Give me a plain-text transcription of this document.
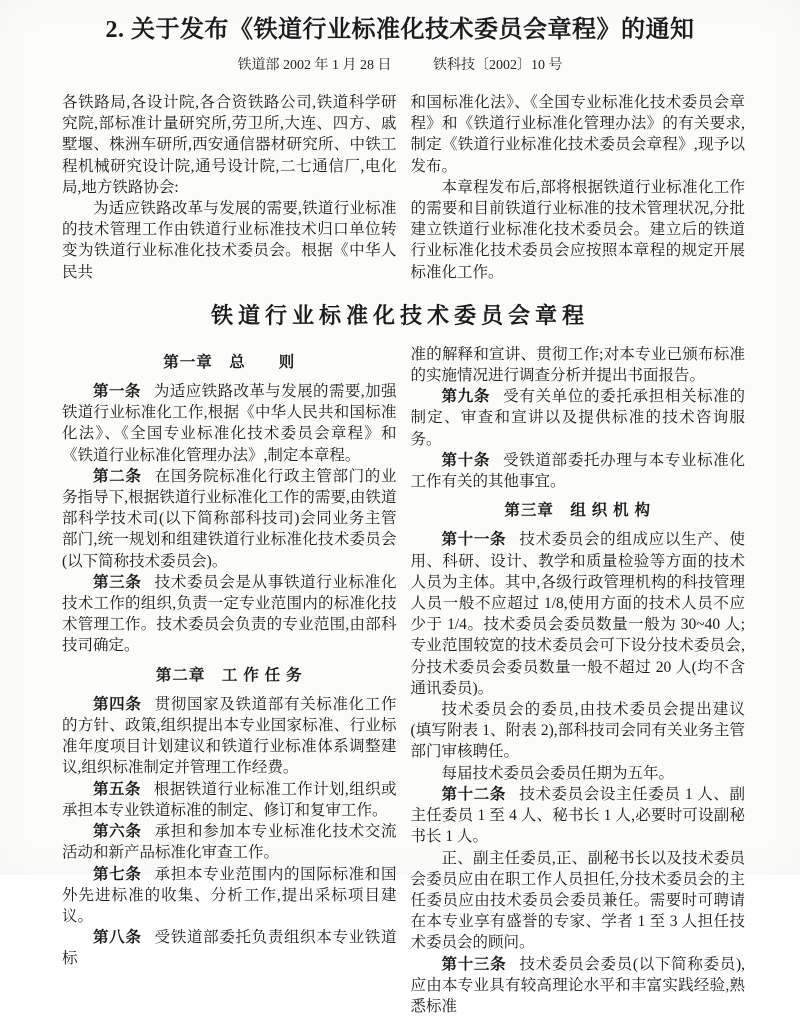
2. 关于发布《铁道行业标准化技术委员会章程》的通知
铁道部 2002 年 1 月 28 日	铁科技〔2002〕10 号

各铁路局,各设计院,各合资铁路公司,铁道科学研究院,部标准计量研究所,劳卫所,大连、四方、戚墅堰、株洲车研所,西安通信器材研究所、中铁工程机械研究设计院,通号设计院,二七通信厂,电化局,地方铁路协会:

为适应铁路改革与发展的需要,铁道行业标准的技术管理工作由铁道行业标准技术归口单位转变为铁道行业标准化技术委员会。根据《中华人民共

和国标准化法》、《全国专业标准化技术委员会章程》和《铁道行业标准化管理办法》的有关要求,制定《铁道行业标准化技术委员会章程》,现予以发布。

本章程发布后,部将根据铁道行业标准化工作的需要和目前铁道行业标准的技术管理状况,分批建立铁道行业标准化技术委员会。建立后的铁道行业标准化技术委员会应按照本章程的规定开展标准化工作。

铁道行业标准化技术委员会章程
第一章　总　　则

第一条 为适应铁路改革与发展的需要,加强铁道行业标准化工作,根据《中华人民共和国标准化法》、《全国专业标准化技术委员会章程》和《铁道行业标准化管理办法》,制定本章程。

第二条 在国务院标准化行政主管部门的业务指导下,根据铁道行业标准化工作的需要,由铁道部科学技术司(以下简称部科技司)会同业务主管部门,统一规划和组建铁道行业标准化技术委员会(以下简称技术委员会)。

第三条 技术委员会是从事铁道行业标准化技术工作的组织,负责一定专业范围内的标准化技术管理工作。技术委员会负责的专业范围,由部科技司确定。

第二章　工 作 任 务

第四条 贯彻国家及铁道部有关标准化工作的方针、政策,组织提出本专业国家标准、行业标准年度项目计划建议和铁道行业标准体系调整建议,组织标准制定并管理工作经费。

第五条 根据铁道行业标准工作计划,组织或承担本专业铁道标准的制定、修订和复审工作。

第六条 承担和参加本专业标准化技术交流活动和新产品标准化审查工作。

第七条 承担本专业范围内的国际标准和国外先进标准的收集、分析工作,提出采标项目建议。

第八条 受铁道部委托负责组织本专业铁道标

准的解释和宣讲、贯彻工作;对本专业已颁布标准的实施情况进行调查分析并提出书面报告。

第九条 受有关单位的委托承担相关标准的制定、审查和宣讲以及提供标准的技术咨询服务。

第十条 受铁道部委托办理与本专业标准化工作有关的其他事宜。

第三章　组 织 机 构

第十一条 技术委员会的组成应以生产、使用、科研、设计、教学和质量检验等方面的技术人员为主体。其中,各级行政管理机构的科技管理人员一般不应超过 1/8,使用方面的技术人员不应少于 1/4。技术委员会委员数量一般为 30~40 人;专业范围较宽的技术委员会可下设分技术委员会,分技术委员会委员数量一般不超过 20 人(均不含通讯委员)。

技术委员会的委员,由技术委员会提出建议(填写附表 1、附表 2),部科技司会同有关业务主管部门审核聘任。

每届技术委员会委员任期为五年。

第十二条 技术委员会设主任委员 1 人、副主任委员 1 至 4 人、秘书长 1 人,必要时可设副秘书长 1 人。

正、副主任委员,正、副秘书长以及技术委员会委员应由在职工作人员担任,分技术委员会的主任委员应由技术委员会委员兼任。需要时可聘请在本专业享有盛誉的专家、学者 1 至 3 人担任技术委员会的顾问。

第十三条 技术委员会委员(以下简称委员),应由本专业具有较高理论水平和丰富实践经验,熟悉标准
